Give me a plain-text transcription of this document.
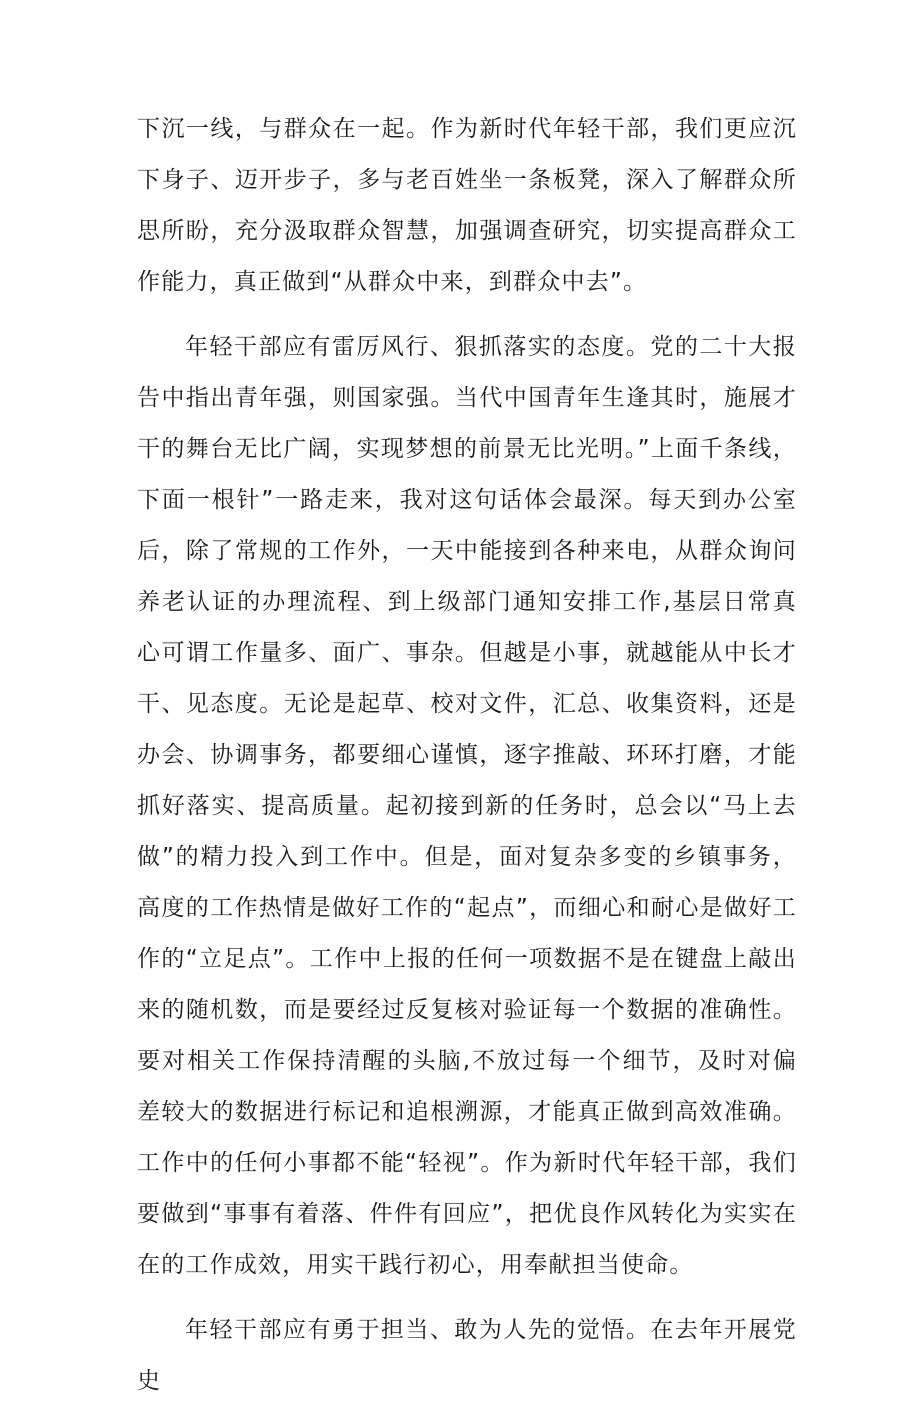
下沉一线，与群众在一起。作为新时代年轻干部，我们更应沉下身子、迈开步子，多与老百姓坐一条板凳，深入了解群众所思所盼，充分汲取群众智慧，加强调查研究，切实提高群众工作能力，真正做到“从群众中来，到群众中去”。

年轻干部应有雷厉风行、狠抓落实的态度。党的二十大报告中指出青年强，则国家强。当代中国青年生逢其时，施展才干的舞台无比广阔，实现梦想的前景无比光明。”上面千条线，下面一根针”一路走来，我对这句话体会最深。每天到办公室后，除了常规的工作外，一天中能接到各种来电，从群众询问养老认证的办理流程、到上级部门通知安排工作,基层日常真心可谓工作量多、面广、事杂。但越是小事，就越能从中长才干、见态度。无论是起草、校对文件，汇总、收集资料，还是办会、协调事务，都要细心谨慎，逐字推敲、环环打磨，才能抓好落实、提高质量。起初接到新的任务时，总会以“马上去做”的精力投入到工作中。但是，面对复杂多变的乡镇事务，高度的工作热情是做好工作的“起点”，而细心和耐心是做好工作的“立足点”。工作中上报的任何一项数据不是在键盘上敲出来的随机数，而是要经过反复核对验证每一个数据的准确性。要对相关工作保持清醒的头脑,不放过每一个细节，及时对偏差较大的数据进行标记和追根溯源，才能真正做到高效准确。工作中的任何小事都不能“轻视”。作为新时代年轻干部，我们要做到“事事有着落、件件有回应”，把优良作风转化为实实在在的工作成效，用实干践行初心，用奉献担当使命。

年轻干部应有勇于担当、敢为人先的觉悟。在去年开展党史
